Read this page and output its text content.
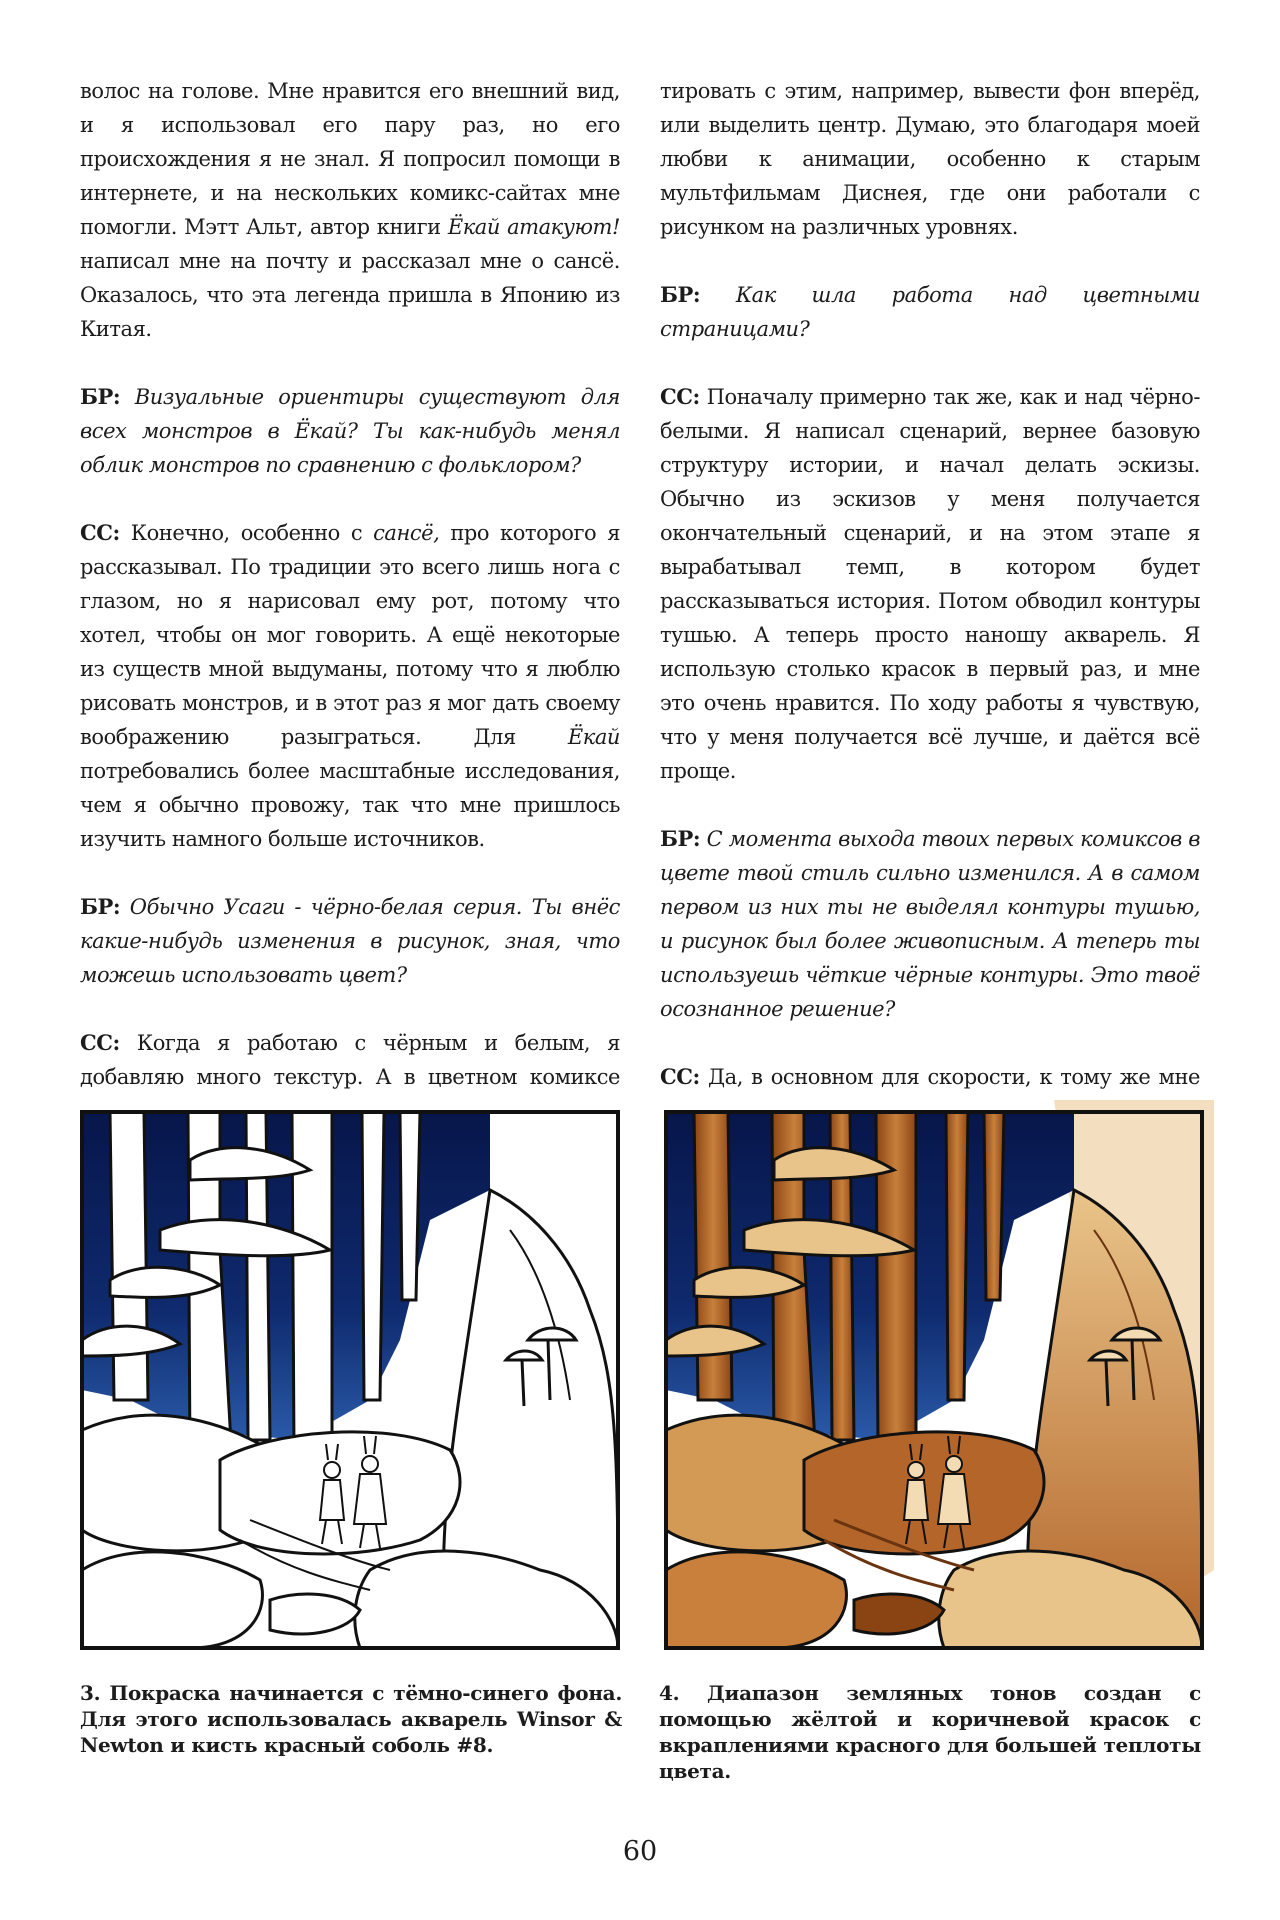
волос на голове. Мне нравится его внешний вид, и я использовал его пару раз, но его происхождения я не знал. Я попросил помощи в интернете, и на нескольких комикс-сайтах мне помогли. Мэтт Альт, автор книги Ёкай атакуют! написал мне на почту и рассказал мне о сансё. Оказалось, что эта легенда пришла в Японию из Китая.

БР: Визуальные ориентиры существуют для всех монстров в Ёкай? Ты как-нибудь менял облик монстров по сравнению с фольклором?

СС: Конечно, особенно с сансё, про которого я рассказывал. По традиции это всего лишь нога с глазом, но я нарисовал ему рот, потому что хотел, чтобы он мог говорить. А ещё некоторые из существ мной выдуманы, потому что я люблю рисовать монстров, и в этот раз я мог дать своему воображению разыграться. Для Ёкай потребовались более масштабные исследования, чем я обычно провожу, так что мне пришлось изучить намного больше источников.

БР: Обычно Усаги - чёрно-белая серия. Ты внёс какие-нибудь изменения в рисунок, зная, что можешь использовать цвет?

СС: Когда я работаю с чёрным и белым, я добавляю много текстур. А в цветном комиксе

тировать с этим, например, вывести фон вперёд, или выделить центр. Думаю, это благодаря моей любви к анимации, особенно к старым мультфильмам Диснея, где они работали с рисунком на различных уровнях.

БР: Как шла работа над цветными страницами?

СС: Поначалу примерно так же, как и над чёрно-белыми. Я написал сценарий, вернее базовую структуру истории, и начал делать эскизы. Обычно из эскизов у меня получается окончательный сценарий, и на этом этапе я вырабатывал темп, в котором будет рассказываться история. Потом обводил контуры тушью. А теперь просто наношу акварель. Я использую столько красок в первый раз, и мне это очень нравится. По ходу работы я чувствую, что у меня получается всё лучше, и даётся всё проще.

БР: С момента выхода твоих первых комиксов в цвете твой стиль сильно изменился. А в самом первом из них ты не выделял контуры тушью, и рисунок был более живописным. А теперь ты используешь чёткие чёрные контуры. Это твоё осознанное решение?

СС: Да, в основном для скорости, к тому же мне

3. Покраска начинается с тёмно-синего фона. Для этого использовалась акварель Winsor & Newton и кисть красный соболь #8.
4. Диапазон земляных тонов создан с помощью жёлтой и коричневой красок с вкраплениями красного для большей теплоты цвета.
60
